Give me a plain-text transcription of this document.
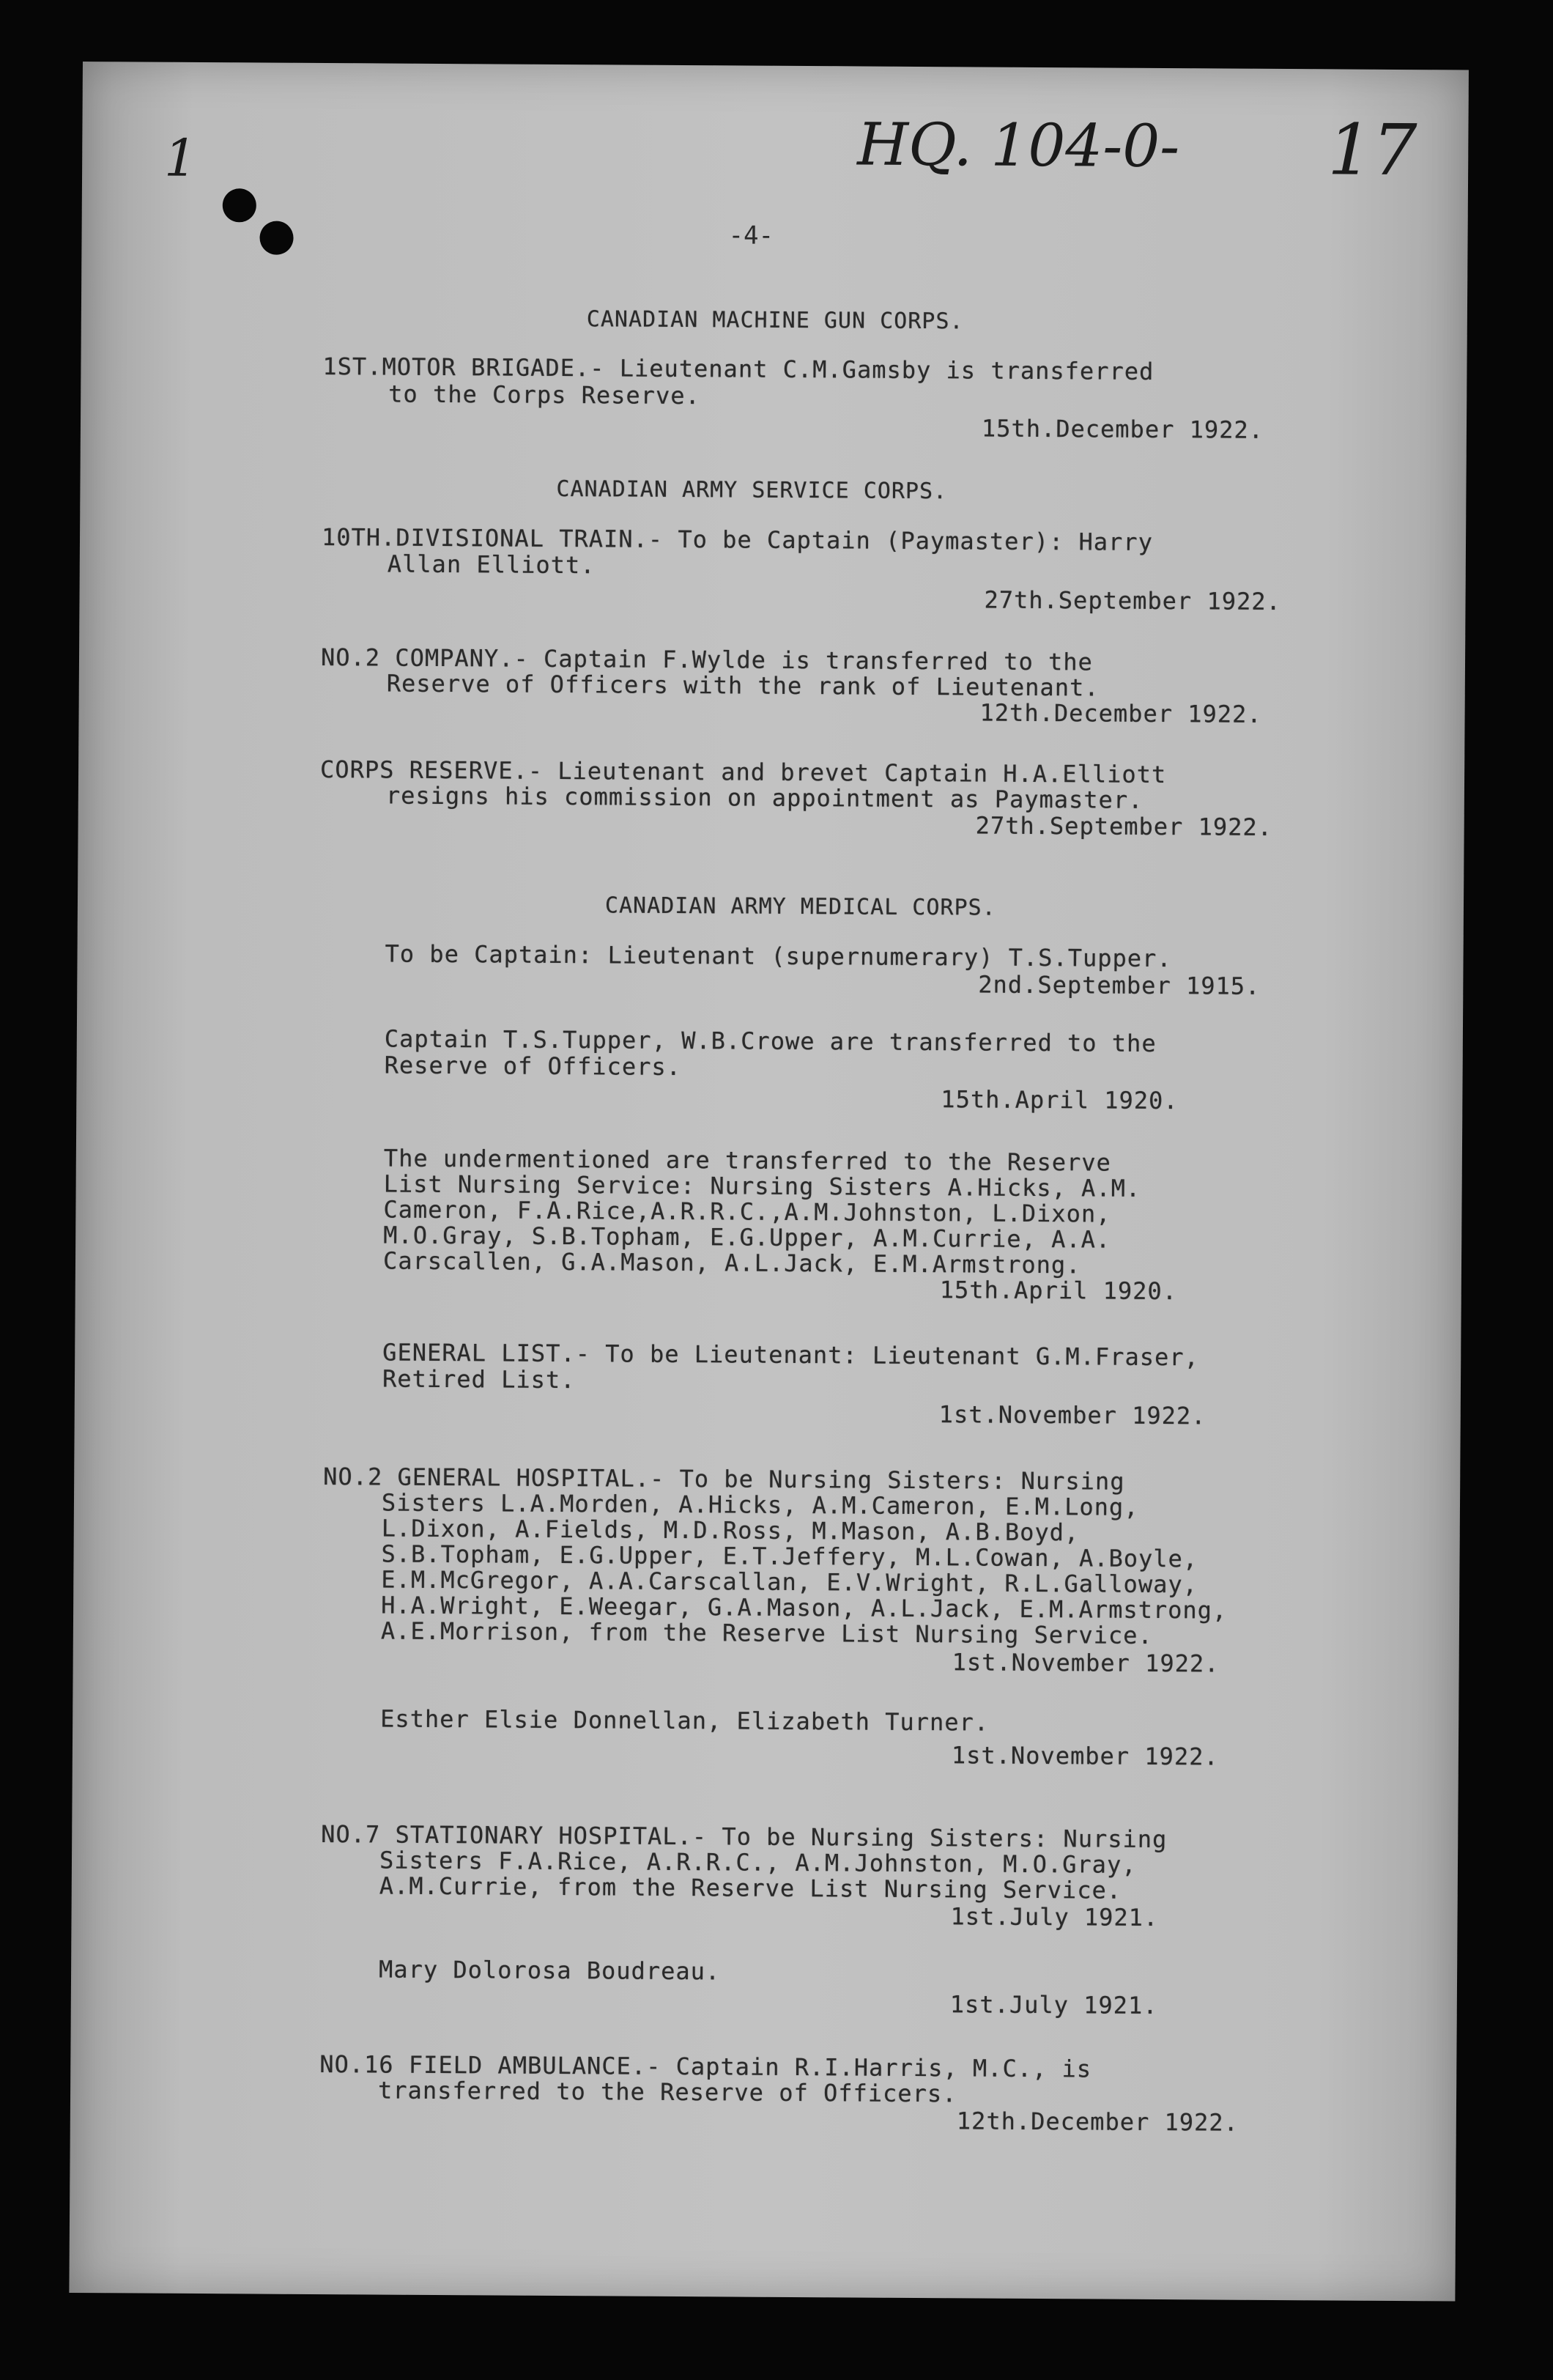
1	HQ. 104-0- 17
-4-
CANADIAN MACHINE GUN CORPS.
1ST.MOTOR BRIGADE.- Lieutenant C.M.Gamsby is transferred
to the Corps Reserve.
15th.December 1922.
CANADIAN ARMY SERVICE CORPS.
10TH.DIVISIONAL TRAIN.- To be Captain (Paymaster): Harry
Allan Elliott.
27th.September 1922.
NO.2 COMPANY.- Captain F.Wylde is transferred to the
Reserve of Officers with the rank of Lieutenant.
12th.December 1922.
CORPS RESERVE.- Lieutenant and brevet Captain H.A.Elliott
resigns his commission on appointment as Paymaster.
27th.September 1922.
CANADIAN ARMY MEDICAL CORPS.
To be Captain: Lieutenant (supernumerary) T.S.Tupper.
2nd.September 1915.
Captain T.S.Tupper, W.B.Crowe are transferred to the
Reserve of Officers.
15th.April 1920.
The undermentioned are transferred to the Reserve
List Nursing Service: Nursing Sisters A.Hicks, A.M.
Cameron, F.A.Rice,A.R.R.C.,A.M.Johnston, L.Dixon,
M.O.Gray, S.B.Topham, E.G.Upper, A.M.Currie, A.A.
Carscallen, G.A.Mason, A.L.Jack, E.M.Armstrong.
15th.April 1920.
GENERAL LIST.- To be Lieutenant: Lieutenant G.M.Fraser,
Retired List.
1st.November 1922.
NO.2 GENERAL HOSPITAL.- To be Nursing Sisters: Nursing
Sisters L.A.Morden, A.Hicks, A.M.Cameron, E.M.Long,
L.Dixon, A.Fields, M.D.Ross, M.Mason, A.B.Boyd,
S.B.Topham, E.G.Upper, E.T.Jeffery, M.L.Cowan, A.Boyle,
E.M.McGregor, A.A.Carscallan, E.V.Wright, R.L.Galloway,
H.A.Wright, E.Weegar, G.A.Mason, A.L.Jack, E.M.Armstrong,
A.E.Morrison, from the Reserve List Nursing Service.
1st.November 1922.
Esther Elsie Donnellan, Elizabeth Turner.
1st.November 1922.
NO.7 STATIONARY HOSPITAL.- To be Nursing Sisters: Nursing
Sisters F.A.Rice, A.R.R.C., A.M.Johnston, M.O.Gray,
A.M.Currie, from the Reserve List Nursing Service.
1st.July 1921.
Mary Dolorosa Boudreau.
1st.July 1921.
NO.16 FIELD AMBULANCE.- Captain R.I.Harris, M.C., is
transferred to the Reserve of Officers.
12th.December 1922.
